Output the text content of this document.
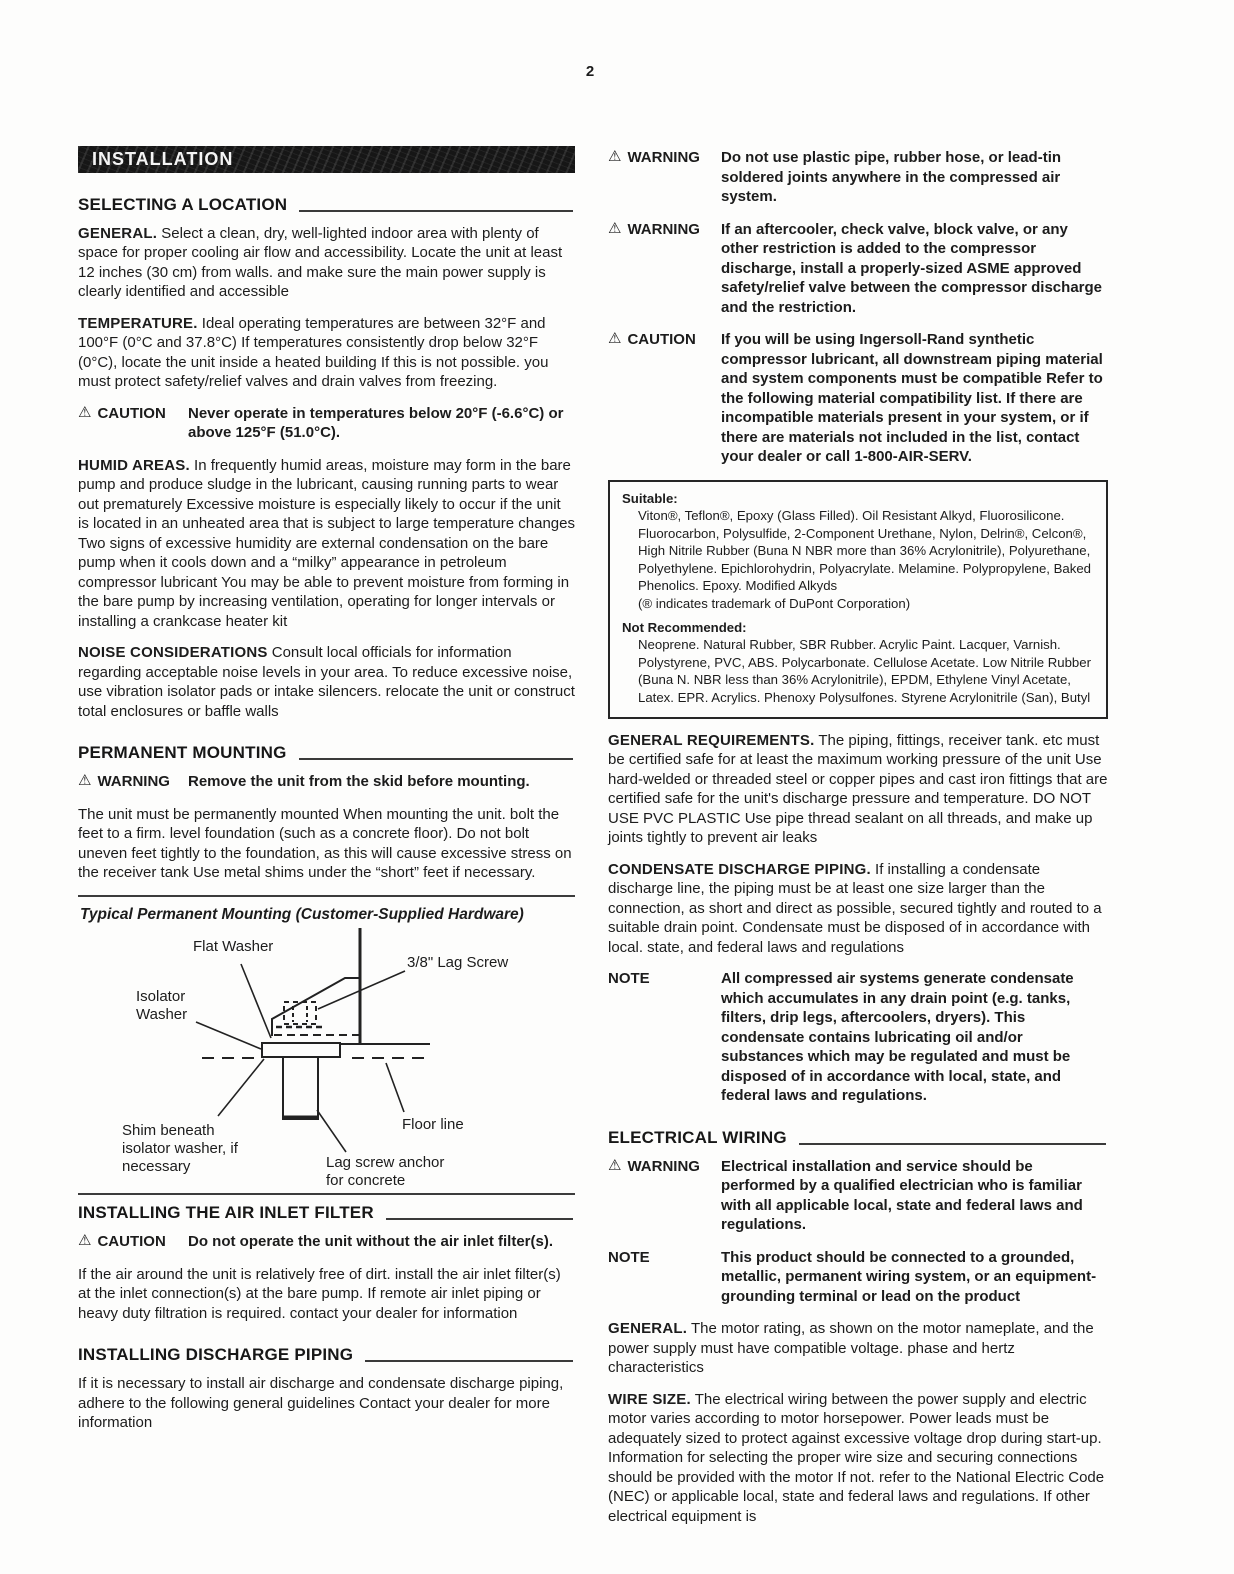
2
INSTALLATION
SELECTING A LOCATION

GENERAL. Select a clean, dry, well-lighted indoor area with plenty of space for proper cooling air flow and accessibility. Locate the unit at least 12 inches (30 cm) from walls. and make sure the main power supply is clearly identified and accessible

TEMPERATURE. Ideal operating temperatures are between 32°F and 100°F (0°C and 37.8°C) If temperatures consistently drop below 32°F (0°C), locate the unit inside a heated building If this is not possible. you must protect safety/relief valves and drain valves from freezing.

⚠ CAUTION Never operate in temperatures below 20°F (-6.6°C) or above 125°F (51.0°C).

HUMID AREAS. In frequently humid areas, moisture may form in the bare pump and produce sludge in the lubricant, causing running parts to wear out prematurely Excessive moisture is especially likely to occur if the unit is located in an unheated area that is subject to large temperature changes Two signs of excessive humidity are external condensation on the bare pump when it cools down and a “milky” appearance in petroleum compressor lubricant You may be able to prevent moisture from forming in the bare pump by increasing ventilation, operating for longer intervals or installing a crankcase heater kit

NOISE CONSIDERATIONS Consult local officials for information regarding acceptable noise levels in your area. To reduce excessive noise, use vibration isolator pads or intake silencers. relocate the unit or construct total enclosures or baffle walls

PERMANENT MOUNTING
⚠ WARNING Remove the unit from the skid before mounting.

The unit must be permanently mounted When mounting the unit. bolt the feet to a firm. level foundation (such as a concrete floor). Do not bolt uneven feet tightly to the foundation, as this will cause excessive stress on the receiver tank Use metal shims under the “short” feet if necessary.

Typical Permanent Mounting (Customer-Supplied Hardware)
Flat Washer
3/8" Lag Screw
Isolator Washer
Shim beneath isolator washer, if necessary	Lag screw anchor for concrete
Floor line
INSTALLING THE AIR INLET FILTER
⚠ CAUTION Do not operate the unit without the air inlet filter(s).

If the air around the unit is relatively free of dirt. install the air inlet filter(s) at the inlet connection(s) at the bare pump. If remote air inlet piping or heavy duty filtration is required. contact your dealer for information

INSTALLING DISCHARGE PIPING

If it is necessary to install air discharge and condensate discharge piping, adhere to the following general guidelines Contact your dealer for more information

⚠ WARNING Do not use plastic pipe, rubber hose, or lead-tin soldered joints anywhere in the compressed air system.
⚠ WARNING If an aftercooler, check valve, block valve, or any other restriction is added to the compressor discharge, install a properly-sized ASME approved safety/relief valve between the compressor discharge and the restriction.
⚠ CAUTION If you will be using Ingersoll-Rand synthetic compressor lubricant, all downstream piping material and system components must be compatible Refer to the following material compatibility list. If there are incompatible materials present in your system, or if there are materials not included in the list, contact your dealer or call 1-800-AIR-SERV.
Suitable:
Viton®, Teflon®, Epoxy (Glass Filled). Oil Resistant Alkyd, Fluorosilicone. Fluorocarbon, Polysulfide, 2-Component Urethane, Nylon, Delrin®, Celcon®, High Nitrile Rubber (Buna N NBR more than 36% Acrylonitrile), Polyurethane, Polyethylene. Epichlorohydrin, Polyacrylate. Melamine. Polypropylene, Baked Phenolics. Epoxy. Modified Alkyds
(® indicates trademark of DuPont Corporation)
Not Recommended:
Neoprene. Natural Rubber, SBR Rubber. Acrylic Paint. Lacquer, Varnish. Polystyrene, PVC, ABS. Polycarbonate. Cellulose Acetate. Low Nitrile Rubber (Buna N. NBR less than 36% Acrylonitrile), EPDM, Ethylene Vinyl Acetate, Latex. EPR. Acrylics. Phenoxy Polysulfones. Styrene Acrylonitrile (San), Butyl

GENERAL REQUIREMENTS. The piping, fittings, receiver tank. etc must be certified safe for at least the maximum working pressure of the unit Use hard-welded or threaded steel or copper pipes and cast iron fittings that are certified safe for the unit's discharge pressure and temperature. DO NOT USE PVC PLASTIC Use pipe thread sealant on all threads, and make up joints tightly to prevent air leaks

CONDENSATE DISCHARGE PIPING. If installing a condensate discharge line, the piping must be at least one size larger than the connection, as short and direct as possible, secured tightly and routed to a suitable drain point. Condensate must be disposed of in accordance with local. state, and federal laws and regulations

NOTE	All compressed air systems generate condensate which accumulates in any drain point (e.g. tanks, filters, drip legs, aftercoolers, dryers). This condensate contains lubricating oil and/or substances which may be regulated and must be disposed of in accordance with local, state, and federal laws and regulations.
ELECTRICAL WIRING
⚠ WARNING Electrical installation and service should be performed by a qualified electrician who is familiar with all applicable local, state and federal laws and regulations.
NOTE	This product should be connected to a grounded, metallic, permanent wiring system, or an equipment-grounding terminal or lead on the product

GENERAL. The motor rating, as shown on the motor nameplate, and the power supply must have compatible voltage. phase and hertz characteristics

WIRE SIZE. The electrical wiring between the power supply and electric motor varies according to motor horsepower. Power leads must be adequately sized to protect against excessive voltage drop during start-up. Information for selecting the proper wire size and securing connections should be provided with the motor If not. refer to the National Electric Code (NEC) or applicable local, state and federal laws and regulations. If other electrical equipment is
